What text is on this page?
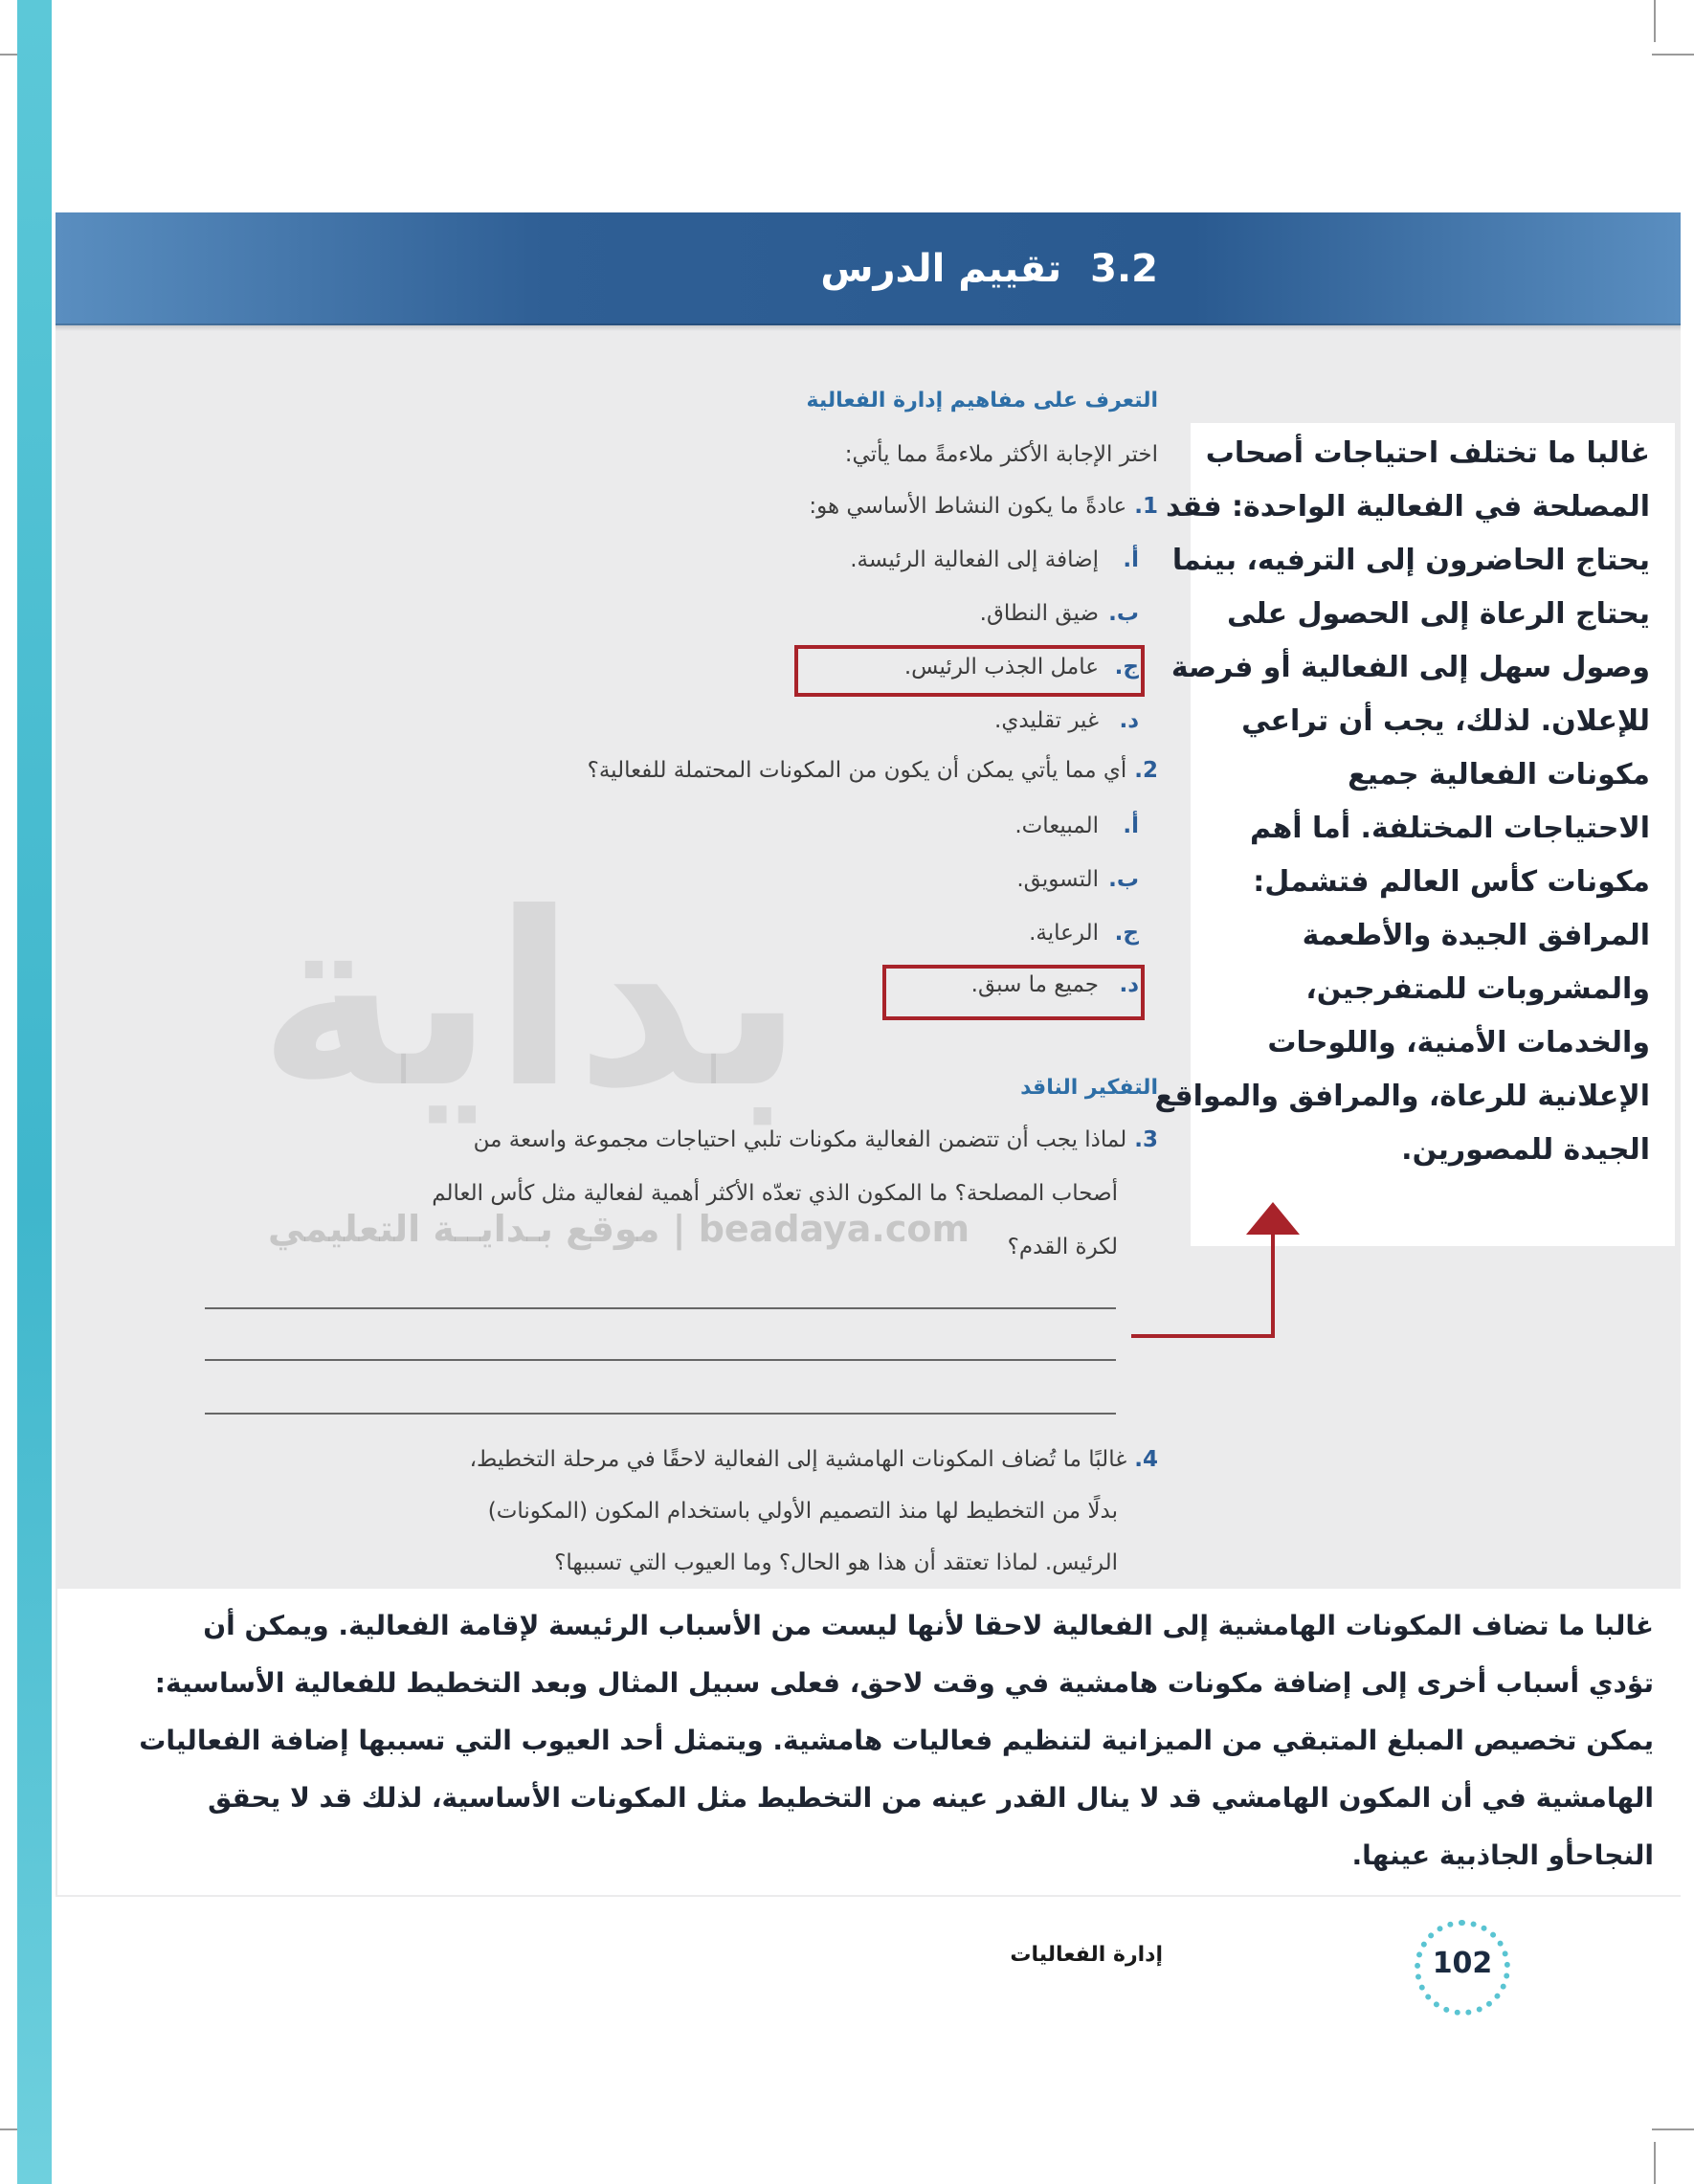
بداية
beadaya.com | موقع بـدايــة التعليمي
3.2تقييم الدرس
التعرف على مفاهيم إدارة الفعالية
اختر الإجابة الأكثر ملاءمةً مما يأتي:
1.عادةً ما يكون النشاط الأساسي هو:
أ.إضافة إلى الفعالية الرئيسة.
ب.ضيق النطاق.
ج.عامل الجذب الرئيس.
د.غير تقليدي.
2.أي مما يأتي يمكن أن يكون من المكونات المحتملة للفعالية؟
أ.المبيعات.
ب.التسويق.
ج.الرعاية.
د.جميع ما سبق.
التفكير الناقد
3.لماذا يجب أن تتضمن الفعالية مكونات تلبي احتياجات مجموعة واسعة من
أصحاب المصلحة؟ ما المكون الذي تعدّه الأكثر أهمية لفعالية مثل كأس العالم
لكرة القدم؟
4.غالبًا ما تُضاف المكونات الهامشية إلى الفعالية لاحقًا في مرحلة التخطيط،
بدلًا من التخطيط لها منذ التصميم الأولي باستخدام المكون (المكونات)
الرئيس. لماذا تعتقد أن هذا هو الحال؟ وما العيوب التي تسببها؟
غالبا ما تختلف احتياجات أصحاب
المصلحة في الفعالية الواحدة: فقد
يحتاج الحاضرون إلى الترفيه، بينما
يحتاج الرعاة إلى الحصول على
وصول سهل إلى الفعالية أو فرصة
للإعلان. لذلك، يجب أن تراعي
مكونات الفعالية جميع
الاحتياجات المختلفة. أما أهم
مكونات كأس العالم فتشمل:
المرافق الجيدة والأطعمة
والمشروبات للمتفرجين،
والخدمات الأمنية، واللوحات
الإعلانية للرعاة، والمرافق والمواقع
الجيدة للمصورين.
غالبا ما تضاف المكونات الهامشية إلى الفعالية لاحقا لأنها ليست من الأسباب الرئيسة لإقامة الفعالية. ويمكن أن
تؤدي أسباب أخرى إلى إضافة مكونات هامشية في وقت لاحق، فعلى سبيل المثال وبعد التخطيط للفعالية الأساسية:
يمكن تخصيص المبلغ المتبقي من الميزانية لتنظيم فعاليات هامشية. ويتمثل أحد العيوب التي تسببها إضافة الفعاليات
الهامشية في أن المكون الهامشي قد لا ينال القدر عينه من التخطيط مثل المكونات الأساسية، لذلك قد لا يحقق
النجاحأو الجاذبية عينها.
102
إدارة الفعاليات
